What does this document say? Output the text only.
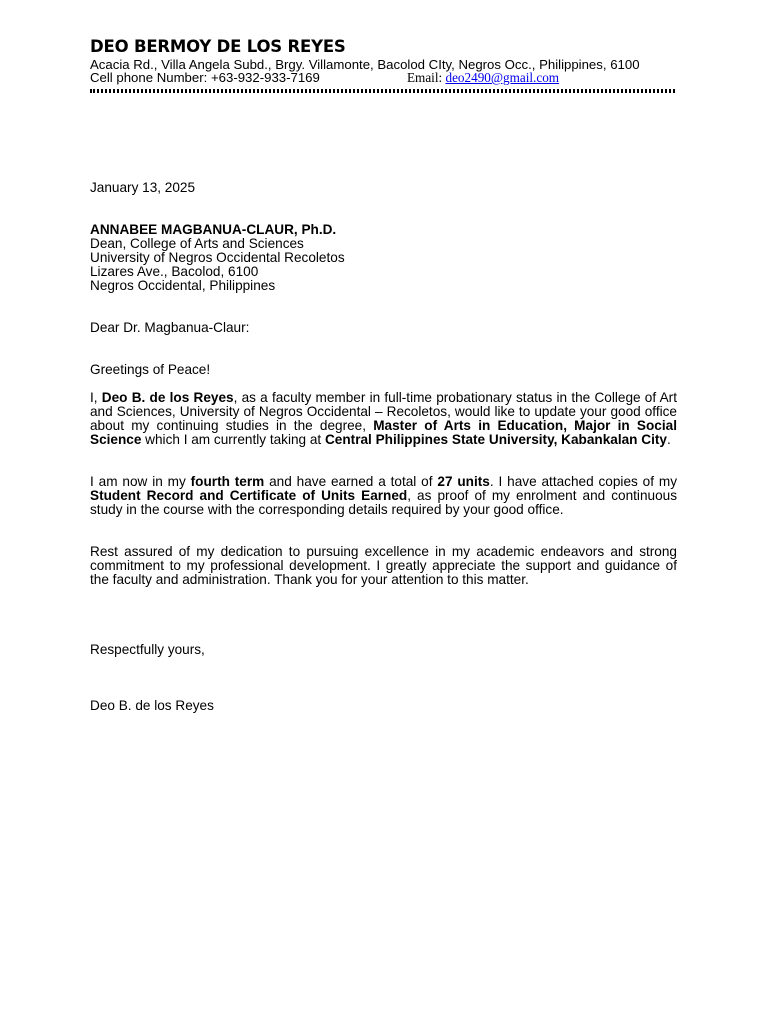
DEO BERMOY DE LOS REYES
Acacia Rd., Villa Angela Subd., Brgy. Villamonte, Bacolod CIty, Negros Occ., Philippines, 6100
Cell phone Number: +63-932-933-7169	Email: deo2490@gmail.com
January 13, 2025
ANNABEE MAGBANUA-CLAUR, Ph.D.
Dean, College of Arts and Sciences
University of Negros Occidental Recoletos
Lizares Ave., Bacolod, 6100
Negros Occidental, Philippines
Dear Dr. Magbanua-Claur:
Greetings of Peace!
I, Deo B. de los Reyes, as a faculty member in full-time probationary status in the College of Art and Sciences, University of Negros Occidental – Recoletos, would like to update your good office about my continuing studies in the degree, Master of Arts in Education, Major in Social Science which I am currently taking at Central Philippines State University, Kabankalan City.
I am now in my fourth term and have earned a total of 27 units. I have attached copies of my Student Record and Certificate of Units Earned, as proof of my enrolment and continuous study in the course with the corresponding details required by your good office.
Rest assured of my dedication to pursuing excellence in my academic endeavors and strong commitment to my professional development. I greatly appreciate the support and guidance of the faculty and administration. Thank you for your attention to this matter.
Respectfully yours,
Deo B. de los Reyes
